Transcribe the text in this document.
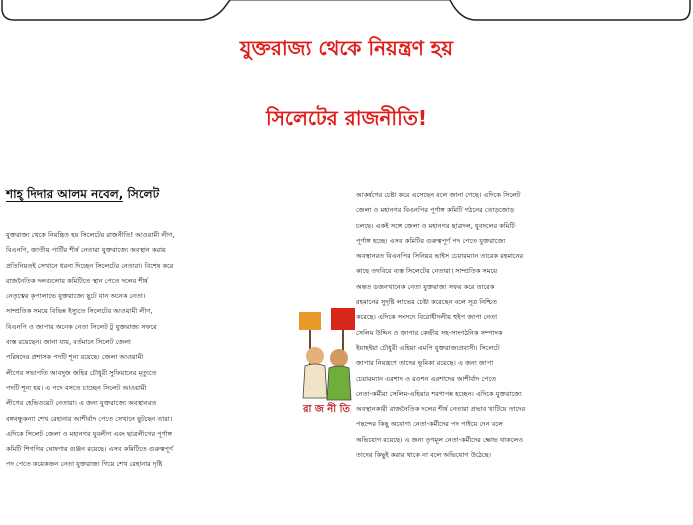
যুক্তরাজ্য থেকে নিয়ন্ত্রণ হয়
সিলেটের রাজনীতি!
শাহ্‌ দিদার আলম নবেল, সিলেট
যুক্তরাজ্য থেকে নিয়ন্ত্রিত হয় সিলেটের রাজনীতি! আওয়ামী লীগ,
বিএনপি, জাতীয় পার্টির শীর্ষ নেতারা যুক্তরাজ্যে অবস্থান করায়
প্রতিনিয়তই সেখানে ধরনা দিচ্ছেন সিলেটের নেতারা। বিশেষ করে
রাজনৈতিক দলগুলোর কমিটিতে স্থান পেতে দলের শীর্ষ
নেতৃত্বের কৃপালাভে যুক্তরাজ্যে ছুটে যান অনেক নেতা।
সাম্প্রতিক সময়ে বিভিন্ন ইস্যুতে সিলেটের আওয়ামী লীগ,
বিএনপি ও জাপার অনেক নেতা সিলেট টু যুক্তরাজ্য সফরে
ব্যস্ত রয়েছেন। জানা যায়, বর্তমানে সিলেট জেলা
পরিষদের প্রশাসক পদটি শূন্য রয়েছে। জেলা আওয়ামী
লীগের সভাপতি আবদুজ জহির চৌধুরী সুফিয়ানের মৃত্যুতে
পদটি শূন্য হয়। এ পদে বসতে চাচ্ছেন সিলেট আওয়ামী
লীগের হেভিওয়েট নেতারা। এ জন্য যুক্তরাজ্যে অবস্থানরত
বঙ্গবন্ধুকন্যা শেখ রেহানার আশীর্বাদ পেতে সেখানে ছুটছেন তারা।
এদিকে সিলেট জেলা ও মহানগর যুবলীগ এবং ছাত্রলীগের পূর্ণাঙ্গ
কমিটি শিগগির ঘোষণার গুঞ্জন রয়েছে। এসব কমিটিতে গুরুত্বপূর্ণ
পদ পেতে কয়েকজন নেতা যুক্তরাজ্য গিয়ে শেখ রেহানার দৃষ্টি
আকর্ষণের চেষ্টা করে এসেছেন বলে জানা গেছে। এদিকে সিলেট
জেলা ও মহানগর বিএনপির পূর্ণাঙ্গ কমিটি গঠনের তোড়জোড়
চলছে। একই সঙ্গে জেলা ও মহানগর ছাত্রদল, যুবদলের কমিটি
পূর্ণাঙ্গ হচ্ছে। এসব কমিটির গুরুত্বপূর্ণ পদ পেতে যুক্তরাজ্যে
অবস্থানরত বিএনপির সিনিয়র ভাইস চেয়ারম্যান তারেক রহমানের
কাছে তদবিরে ব্যস্ত সিলেটের নেতারা। সাম্প্রতিক সময়ে
অন্তত ডজনখানেক নেতা যুক্তরাজ্য সফর করে তারেক
রহমানের সুদৃষ্টি লাভের চেষ্টা করেছেন বলে সূত্র নিশ্চিত
করেছে। এদিকে সংসদে বিরোধীদলীয় হুইপ জাপা নেতা
সেলিম উদ্দিন ও জাপার কেন্দ্রীয় সহ-সাংগঠনিক সম্পাদক
ইয়াহইয়া চৌধুরী এহিয়া এমপি যুক্তরাজ্যপ্রবাসী। সিলেটে
জাপার নিয়ন্ত্রণে তাদের ভূমিকা রয়েছে। এ জন্য জাপা
চেয়ারম্যান এরশাদ ও রওশন এরশাদের আশীর্বাদ পেতে
নেতা-কর্মীরা সেলিম-এহিয়ার শরণাপন্ন হচ্ছেন। এদিকে যুক্তরাজ্যে
অবস্থানকারী রাজনৈতিক দলের শীর্ষ নেতারা প্রভাব খাটিয়ে তাদের
পছন্দের কিছু অযোগ্য নেতা-কর্মীদের পদ পাইয়ে দেন বলে
অভিযোগ রয়েছে। এ জন্য তৃণমূল নেতা-কর্মীদের ক্ষোভ থাকলেও
তাদের কিছুই করার থাকে না বলে অভিযোগ উঠেছে।
রা জ নী তি
